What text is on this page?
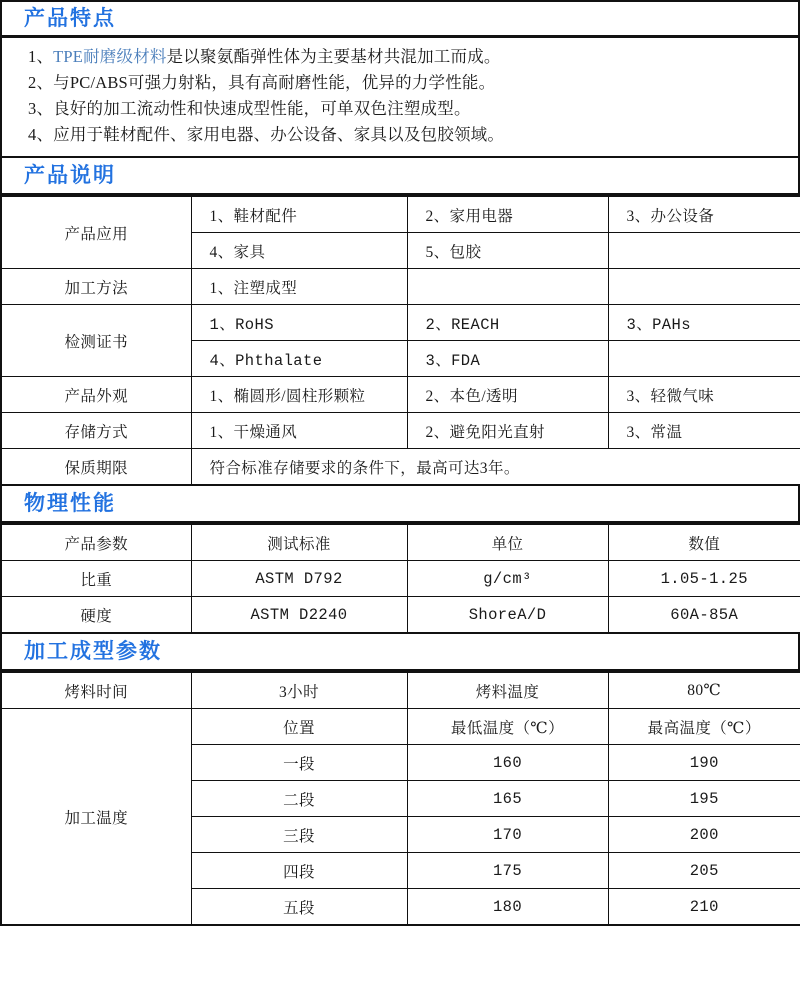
产品特点
1、TPE耐磨级材料是以聚氨酯弹性体为主要基材共混加工而成。
2、与PC/ABS可强力射粘，具有高耐磨性能，优异的力学性能。
3、良好的加工流动性和快速成型性能，可单双色注塑成型。
4、应用于鞋材配件、家用电器、办公设备、家具以及包胶领域。
产品说明
产品应用	1、鞋材配件	2、家用电器	3、办公设备
	4、家具	5、包胶	
加工方法	1、注塑成型		
检测证书	1、RoHS	2、REACH	3、PAHs
	4、Phthalate	3、FDA	
产品外观	1、椭圆形/圆柱形颗粒	2、本色/透明	3、轻微气味
存储方式	1、干燥通风	2、避免阳光直射	3、常温
保质期限	符合标准存储要求的条件下，最高可达3年。		
物理性能
产品参数	测试标准	单位	数值
比重	ASTM D792	g/cm³	1.05-1.25
硬度	ASTM D2240	ShoreA/D	60A-85A
加工成型参数
烤料时间	3小时	烤料温度	80℃
加工温度	位置	最低温度（℃）	最高温度（℃）
	一段	160	190
	二段	165	195
	三段	170	200
	四段	175	205
	五段	180	210
